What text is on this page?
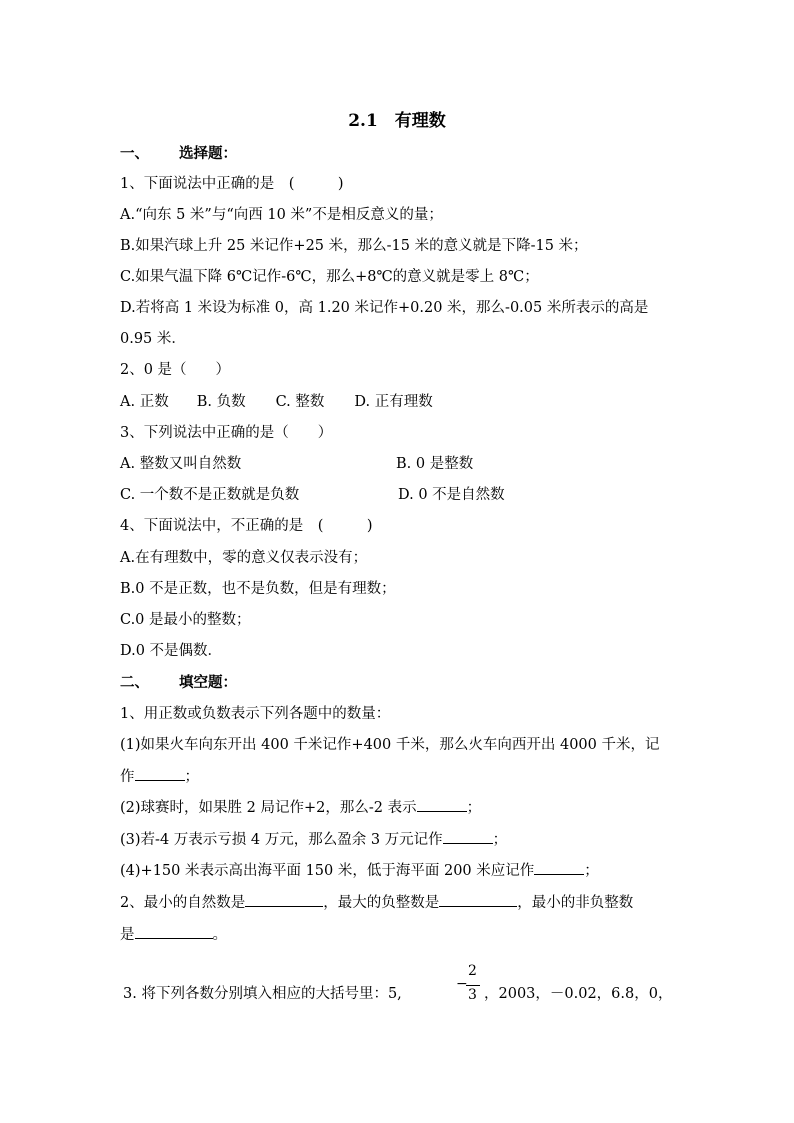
2.1　有理数
一、 选择题：
1、下面说法中正确的是　(　　　)
A.“向东 5 米”与“向西 10 米”不是相反意义的量；
B.如果汽球上升 25 米记作+25 米，那么-15 米的意义就是下降-15 米；
C.如果气温下降 6℃记作-6℃，那么+8℃的意义就是零上 8℃；
D.若将高 1 米设为标准 0，高 1.20 米记作+0.20 米，那么-0.05 米所表示的高是
0.95 米．
2、0 是（　　）
A. 正数 B. 负数 C. 整数 D. 正有理数
3、下列说法中正确的是（　　）
A. 整数又叫自然数	B. 0 是整数
C. 一个数不是正数就是负数	D. 0 不是自然数
4、下面说法中，不正确的是　(　　　)
A.在有理数中，零的意义仅表示没有；
B.0 不是正数，也不是负数，但是有理数；
C.0 是最小的整数；
D.0 不是偶数．
二、 填空题：
1、用正数或负数表示下列各题中的数量：
(1)如果火车向东开出 400 千米记作+400 千米，那么火车向西开出 4000 千米，记
作	；
(2)球赛时，如果胜 2 局记作+2，那么-2 表示	；
(3)若-4 万表示亏损 4 万元，那么盈余 3 万元记作	；
(4)+150 米表示高出海平面 150 米，低于海平面 200 米应记作	；
2、最小的自然数是	，最大的负整数是	，最小的非负整数
是	。
3. 将下列各数分别填入相应的大括号里：5,
−
2
3 ，2003，－0.02，6.8，0，
